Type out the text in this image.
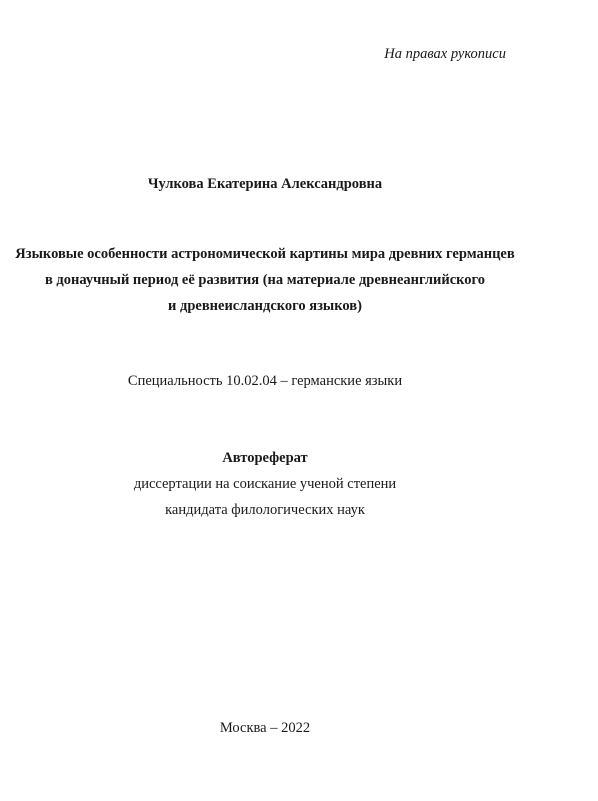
На правах рукописи
Чулкова Екатерина Александровна
Языковые особенности астрономической картины мира древних германцев
в донаучный период её развития (на материале древнеанглийского
и древнеисландского языков)
Специальность 10.02.04 – германские языки
Автореферат
диссертации на соискание ученой степени
кандидата филологических наук
Москва – 2022
